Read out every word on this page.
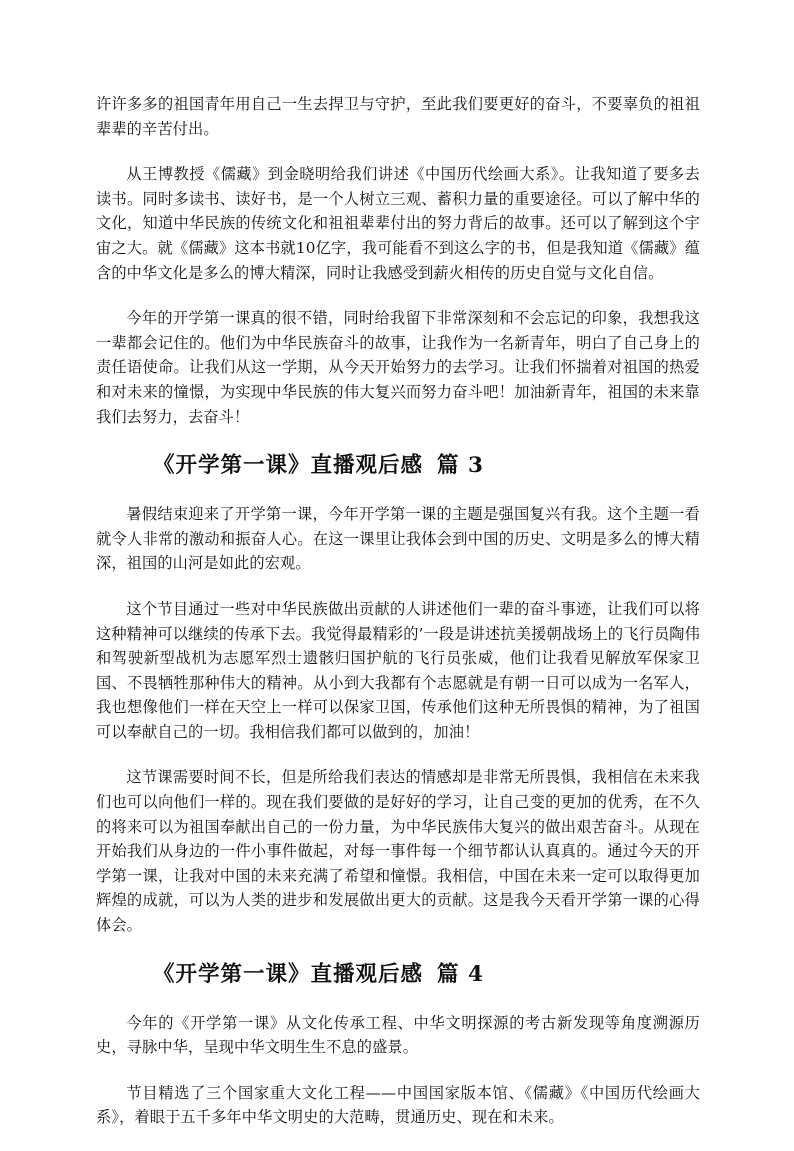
许许多多的祖国青年用自己一生去捍卫与守护，至此我们要更好的奋斗，不要辜负的祖祖辈辈的辛苦付出。

从王博教授《儒藏》到金晓明给我们讲述《中国历代绘画大系》。让我知道了要多去读书。同时多读书、读好书，是一个人树立三观、蓄积力量的重要途径。可以了解中华的文化，知道中华民族的传统文化和祖祖辈辈付出的努力背后的故事。还可以了解到这个宇宙之大。就《儒藏》这本书就10亿字，我可能看不到这么字的书，但是我知道《儒藏》蕴含的中华文化是多么的博大精深，同时让我感受到薪火相传的历史自觉与文化自信。

今年的开学第一课真的很不错，同时给我留下非常深刻和不会忘记的印象，我想我这一辈都会记住的。他们为中华民族奋斗的故事，让我作为一名新青年，明白了自己身上的责任语使命。让我们从这一学期，从今天开始努力的去学习。让我们怀揣着对祖国的热爱和对未来的憧憬，为实现中华民族的伟大复兴而努力奋斗吧！加油新青年，祖国的未来靠我们去努力，去奋斗！

《开学第一课》直播观后感 篇 3

暑假结束迎来了开学第一课，今年开学第一课的主题是强国复兴有我。这个主题一看就令人非常的激动和振奋人心。在这一课里让我体会到中国的历史、文明是多么的博大精深，祖国的山河是如此的宏观。

这个节目通过一些对中华民族做出贡献的人讲述他们一辈的奋斗事迹，让我们可以将这种精神可以继续的传承下去。我觉得最精彩的’一段是讲述抗美援朝战场上的飞行员陶伟和驾驶新型战机为志愿军烈士遗骸归国护航的飞行员张威，他们让我看见解放军保家卫国、不畏牺牲那种伟大的精神。从小到大我都有个志愿就是有朝一日可以成为一名军人，我也想像他们一样在天空上一样可以保家卫国，传承他们这种无所畏惧的精神，为了祖国可以奉献自己的一切。我相信我们都可以做到的，加油！

这节课需要时间不长，但是所给我们表达的情感却是非常无所畏惧，我相信在未来我们也可以向他们一样的。现在我们要做的是好好的学习，让自己变的更加的优秀，在不久的将来可以为祖国奉献出自己的一份力量，为中华民族伟大复兴的做出艰苦奋斗。从现在开始我们从身边的一件小事件做起，对每一事件每一个细节都认认真真的。通过今天的开学第一课，让我对中国的未来充满了希望和憧憬。我相信，中国在未来一定可以取得更加辉煌的成就，可以为人类的进步和发展做出更大的贡献。这是我今天看开学第一课的心得体会。

《开学第一课》直播观后感 篇 4

今年的《开学第一课》从文化传承工程、中华文明探源的考古新发现等角度溯源历史，寻脉中华，呈现中华文明生生不息的盛景。

节目精选了三个国家重大文化工程——中国国家版本馆、《儒藏》《中国历代绘画大系》，着眼于五千多年中华文明史的大范畴，贯通历史、现在和未来。
